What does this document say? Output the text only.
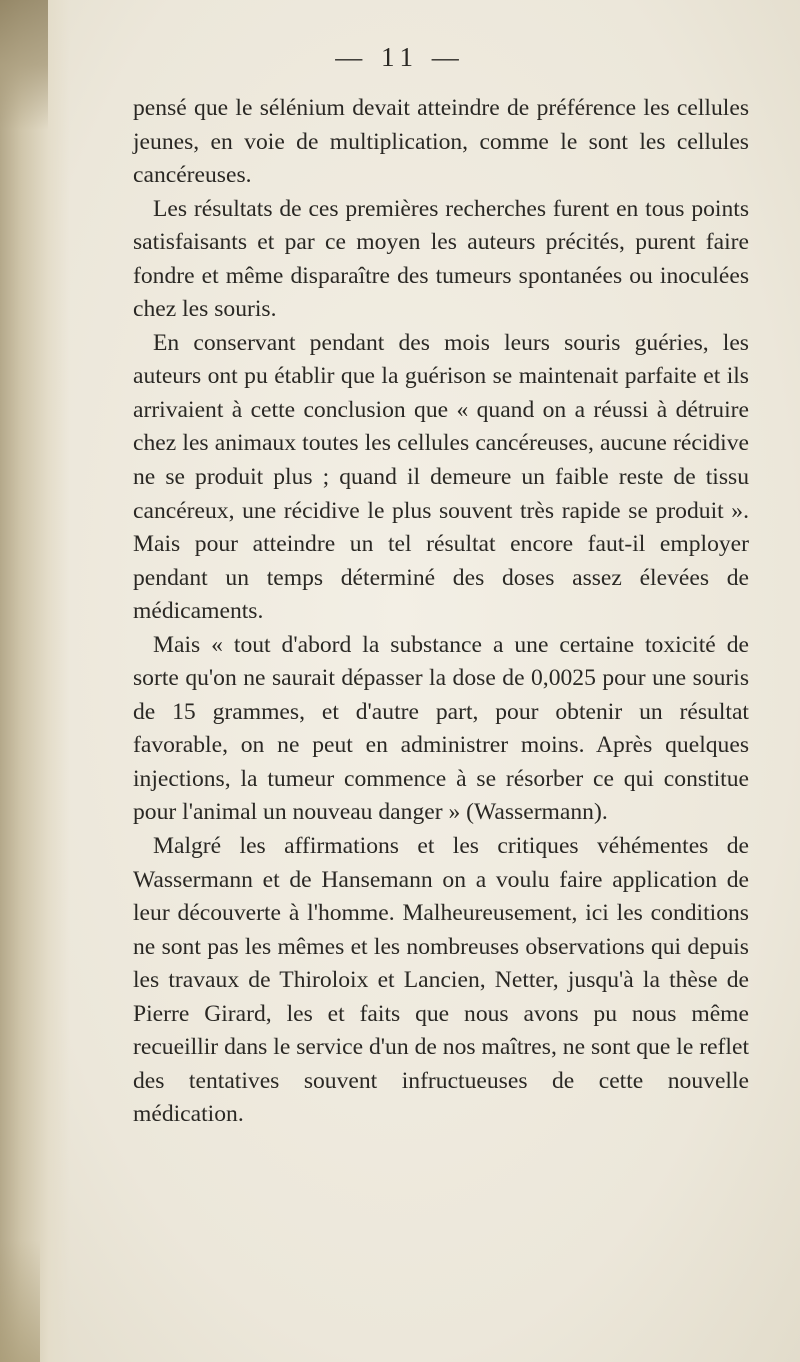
— 11 —

pensé que le sélénium devait atteindre de préférence les cellules jeunes, en voie de multiplication, comme le sont les cellules cancéreuses.

Les résultats de ces premières recherches furent en tous points satisfaisants et par ce moyen les auteurs précités, purent faire fondre et même disparaître des tumeurs spontanées ou inoculées chez les souris.

En conservant pendant des mois leurs souris guéries, les auteurs ont pu établir que la guérison se maintenait parfaite et ils arrivaient à cette conclusion que « quand on a réussi à détruire chez les animaux toutes les cellules cancéreuses, aucune récidive ne se produit plus ; quand il demeure un faible reste de tissu cancéreux, une récidive le plus souvent très rapide se produit ». Mais pour atteindre un tel résultat encore faut-il employer pendant un temps déterminé des doses assez élevées de médicaments.

Mais « tout d'abord la substance a une certaine toxicité de sorte qu'on ne saurait dépasser la dose de 0,0025 pour une souris de 15 grammes, et d'autre part, pour obtenir un résultat favorable, on ne peut en administrer moins. Après quelques injections, la tumeur commence à se résorber ce qui constitue pour l'animal un nouveau danger » (Wassermann).

Malgré les affirmations et les critiques véhémentes de Wassermann et de Hansemann on a voulu faire application de leur découverte à l'homme. Malheureusement, ici les conditions ne sont pas les mêmes et les nombreuses observations qui depuis les travaux de Thiroloix et Lancien, Netter, jusqu'à la thèse de Pierre Girard, les et faits que nous avons pu nous même recueillir dans le service d'un de nos maîtres, ne sont que le reflet des tentatives souvent infructueuses de cette nouvelle médication.
